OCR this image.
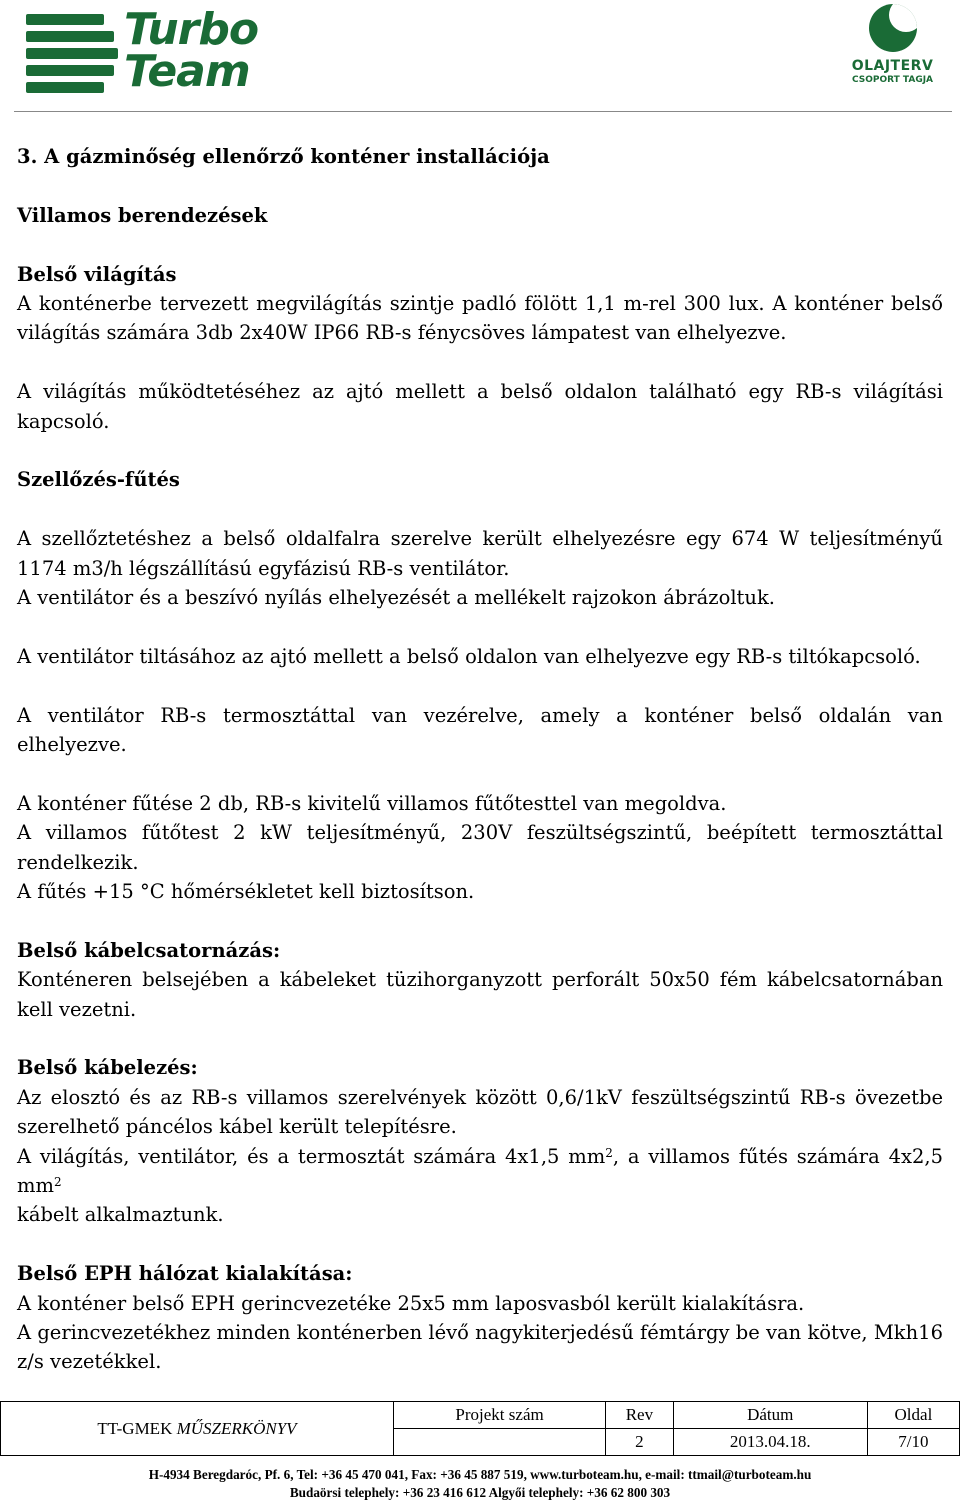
Turbo
Team	OLAJTERV
CSOPORT TAGJA

3. A gázminőség ellenőrző konténer installációja

Villamos berendezések

Belső világítás

A konténerbe tervezett megvilágítás szintje padló fölött 1,1 m-rel 300 lux. A konténer belső világítás számára 3db 2x40W IP66 RB-s fénycsöves lámpatest van elhelyezve.

A világítás működtetéséhez az ajtó mellett a belső oldalon található egy RB-s világítási kapcsoló.

Szellőzés-fűtés

A szellőztetéshez a belső oldalfalra szerelve került elhelyezésre egy 674 W teljesítményű 1174 m3/h légszállítású egyfázisú RB-s ventilátor.

A ventilátor és a beszívó nyílás elhelyezését a mellékelt rajzokon ábrázoltuk.

A ventilátor tiltásához az ajtó mellett a belső oldalon van elhelyezve egy RB-s tiltókapcsoló.

A ventilátor RB-s termosztáttal van vezérelve, amely a konténer belső oldalán van elhelyezve.

A konténer fűtése 2 db, RB-s kivitelű villamos fűtőtesttel van megoldva.

A villamos fűtőtest 2 kW teljesítményű, 230V feszültségszintű, beépített termosztáttal rendelkezik.

A fűtés +15 °C hőmérsékletet kell biztosítson.

Belső kábelcsatornázás:

Konténeren belsejében a kábeleket tüzihorganyzott perforált 50x50 fém kábelcsatornában kell vezetni.

Belső kábelezés:

Az elosztó és az RB-s villamos szerelvények között 0,6/1kV feszültségszintű RB-s övezetbe szerelhető páncélos kábel került telepítésre.

A világítás, ventilátor, és a termosztát számára 4x1,5 $mm^2$, a villamos fűtés számára 4x2,5 $mm^2$

kábelt alkalmaztunk.

Belső EPH hálózat kialakítása:

A konténer belső EPH gerincvezetéke 25x5 mm laposvasból került kialakításra.

A gerincvezetékhez minden konténerben lévő nagykiterjedésű fémtárgy be van kötve, Mkh16 z/s vezetékkel.

TT-GMEK MŰSZERKÖNYV	Projekt szám	Rev	Dátum	Oldal
		2	2013.04.18.	7/10
H-4934 Beregdaróc, Pf. 6, Tel: +36 45 470 041, Fax: +36 45 887 519, www.turboteam.hu, e-mail: ttmail@turboteam.hu
Budaörsi telephely: +36 23 416 612 Algyői telephely: +36 62 800 303
